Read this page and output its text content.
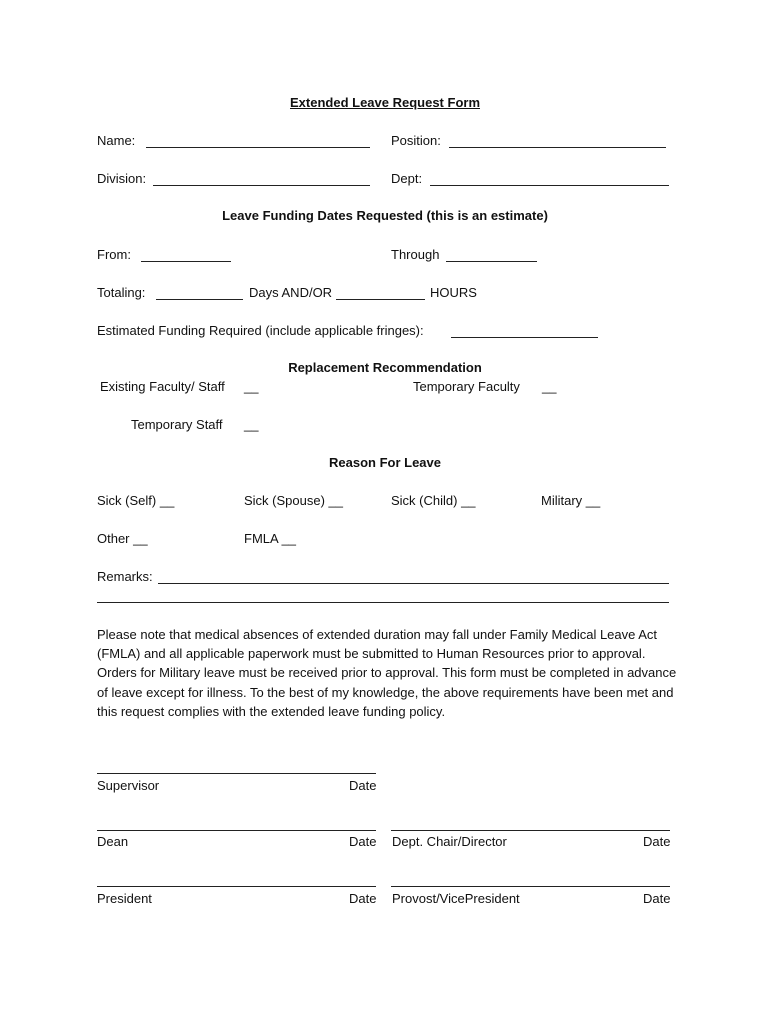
Extended Leave Request Form
Name:	Position:
Division:	Dept:
Leave Funding Dates Requested (this is an estimate)
From:	Through
Totaling:	Days AND/OR	HOURS
Estimated Funding Required (include applicable fringes):
Replacement Recommendation
Existing Faculty/ Staff __	Temporary Faculty __
Temporary Staff __
Reason For Leave
Sick (Self) __	Sick (Spouse) __	Sick (Child) __	Military __
Other __	FMLA __
Remarks:
Please note that medical absences of extended duration may fall under Family Medical Leave Act (FMLA) and all applicable paperwork must be submitted to Human Resources prior to approval. Orders for Military leave must be received prior to approval. This form must be completed in advance of leave except for illness. To the best of my knowledge, the above requirements have been met and this request complies with the extended leave funding policy.
Supervisor	Date
Dean	Date Dept. Chair/Director	Date
President	Date Provost/VicePresident	Date
